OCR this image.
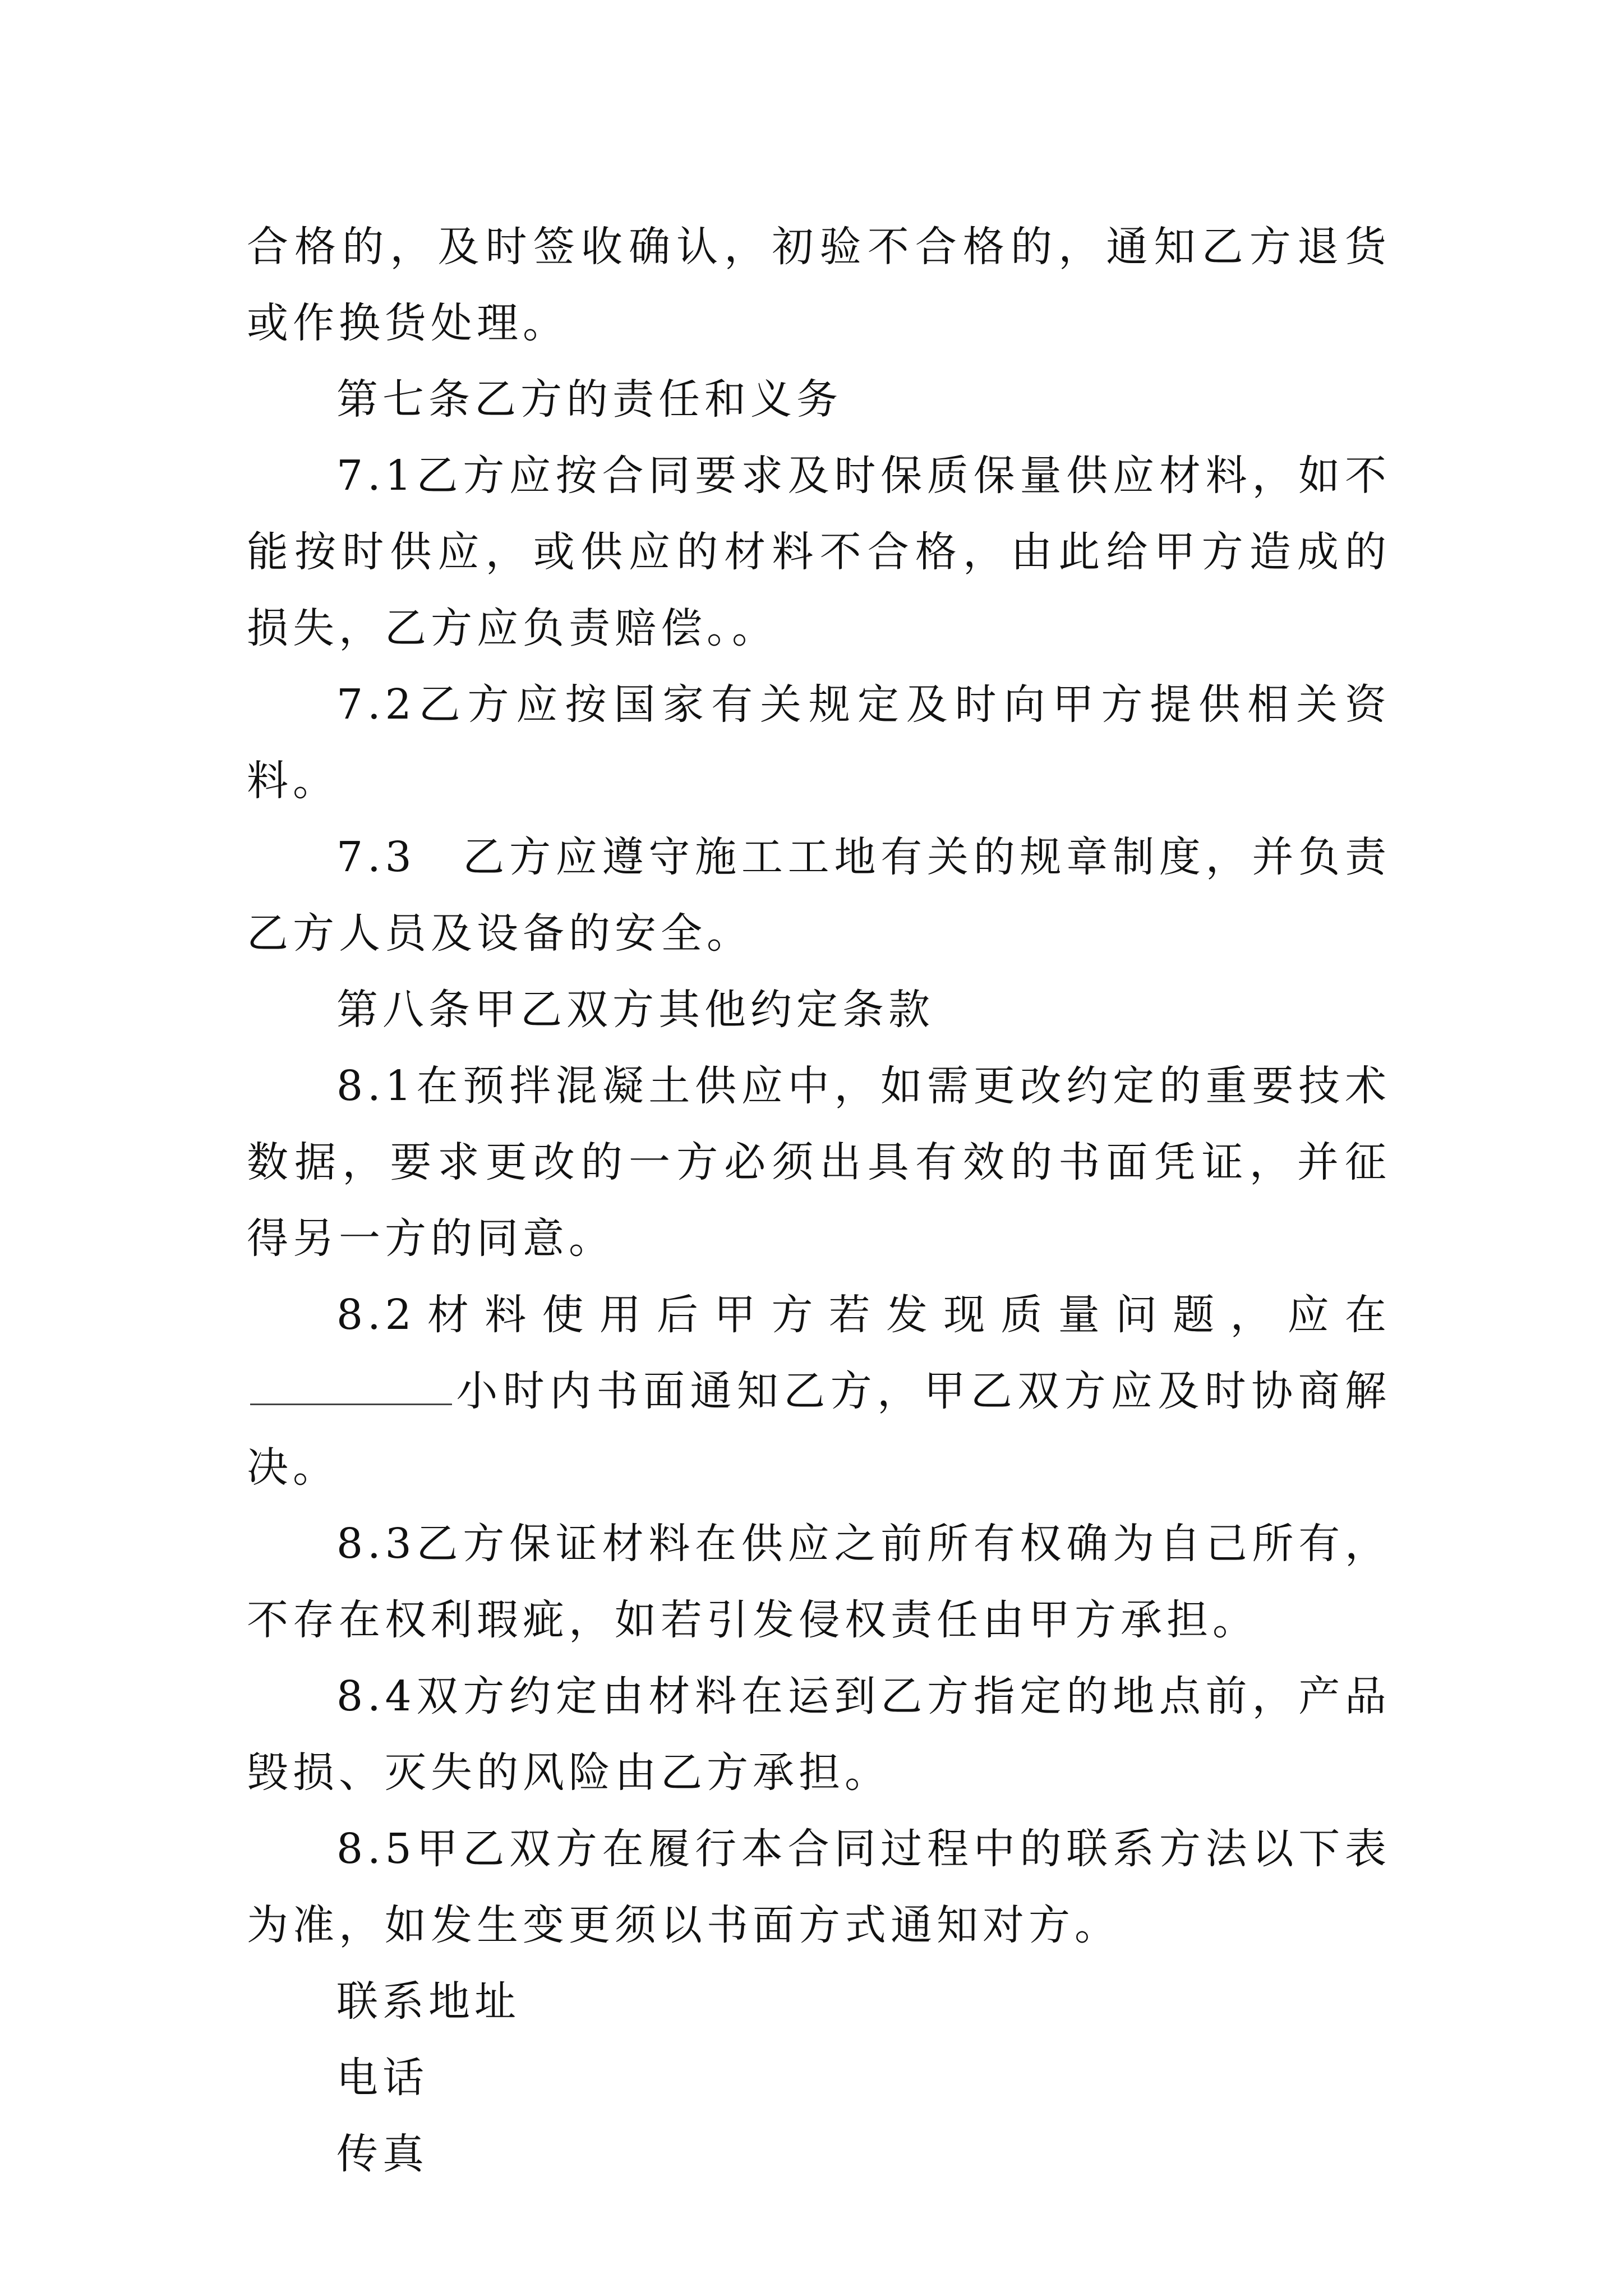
合格的，及时签收确认，初验不合格的，通知乙方退货或作换货处理。

第七条乙方的责任和义务

7.1乙方应按合同要求及时保质保量供应材料，如不能按时供应，或供应的材料不合格，由此给甲方造成的损失，乙方应负责赔偿。。

7.2乙方应按国家有关规定及时向甲方提供相关资料。

7.3　乙方应遵守施工工地有关的规章制度，并负责乙方人员及设备的安全。

第八条甲乙双方其他约定条款

8.1在预拌混凝土供应中，如需更改约定的重要技术数据，要求更改的一方必须出具有效的书面凭证，并征得另一方的同意。

8.2材料使用后甲方若发现质量问题，应在小时内书面通知乙方，甲乙双方应及时协商解决。

8.3乙方保证材料在供应之前所有权确为自己所有，不存在权利瑕疵，如若引发侵权责任由甲方承担。

8.4双方约定由材料在运到乙方指定的地点前，产品毁损、灭失的风险由乙方承担。

8.5甲乙双方在履行本合同过程中的联系方法以下表为准，如发生变更须以书面方式通知对方。

联系地址

电话

传真
